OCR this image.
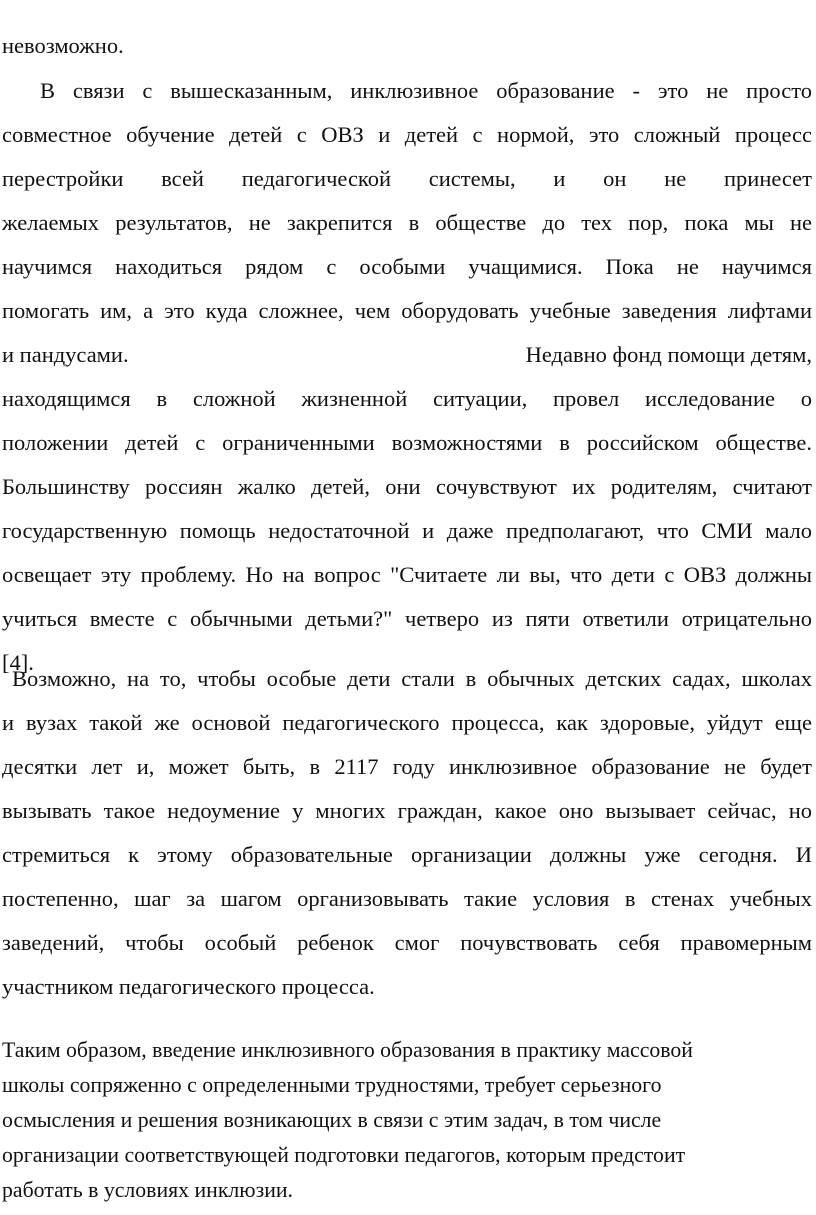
невозможно.
В связи с вышесказанным, инклюзивное образование - это не просто
совместное обучение детей с ОВЗ и детей с нормой, это сложный процесс
перестройки всей педагогической системы, и он не принесет
желаемых результатов, не закрепится в обществе до тех пор, пока мы не
научимся находиться рядом с особыми учащимися. Пока не научимся
помогать им, а это куда сложнее, чем оборудовать учебные заведения лифтами
и пандусами.	Недавно фонд помощи детям,
находящимся в сложной жизненной ситуации, провел исследование о
положении детей с ограниченными возможностями в российском обществе.
Большинству россиян жалко детей, они сочувствуют их родителям, считают
государственную помощь недостаточной и даже предполагают, что СМИ мало
освещает эту проблему. Но на вопрос "Считаете ли вы, что дети с ОВЗ должны
учиться вместе с обычными детьми?" четверо из пяти ответили отрицательно
[4].
Возможно, на то, чтобы особые дети стали в обычных детских садах, школах
и вузах такой же основой педагогического процесса, как здоровые, уйдут еще
десятки лет и, может быть, в 2117 году инклюзивное образование не будет
вызывать такое недоумение у многих граждан, какое оно вызывает сейчас, но
стремиться к этому образовательные организации должны уже сегодня. И
постепенно, шаг за шагом организовывать такие условия в стенах учебных
заведений, чтобы особый ребенок смог почувствовать себя правомерным
участником педагогического процесса.
Таким образом, введение инклюзивного образования в практику массовой
школы сопряженно с определенными трудностями, требует серьезного
осмысления и решения возникающих в связи с этим задач, в том числе
организации соответствующей подготовки педагогов, которым предстоит
работать в условиях инклюзии.
